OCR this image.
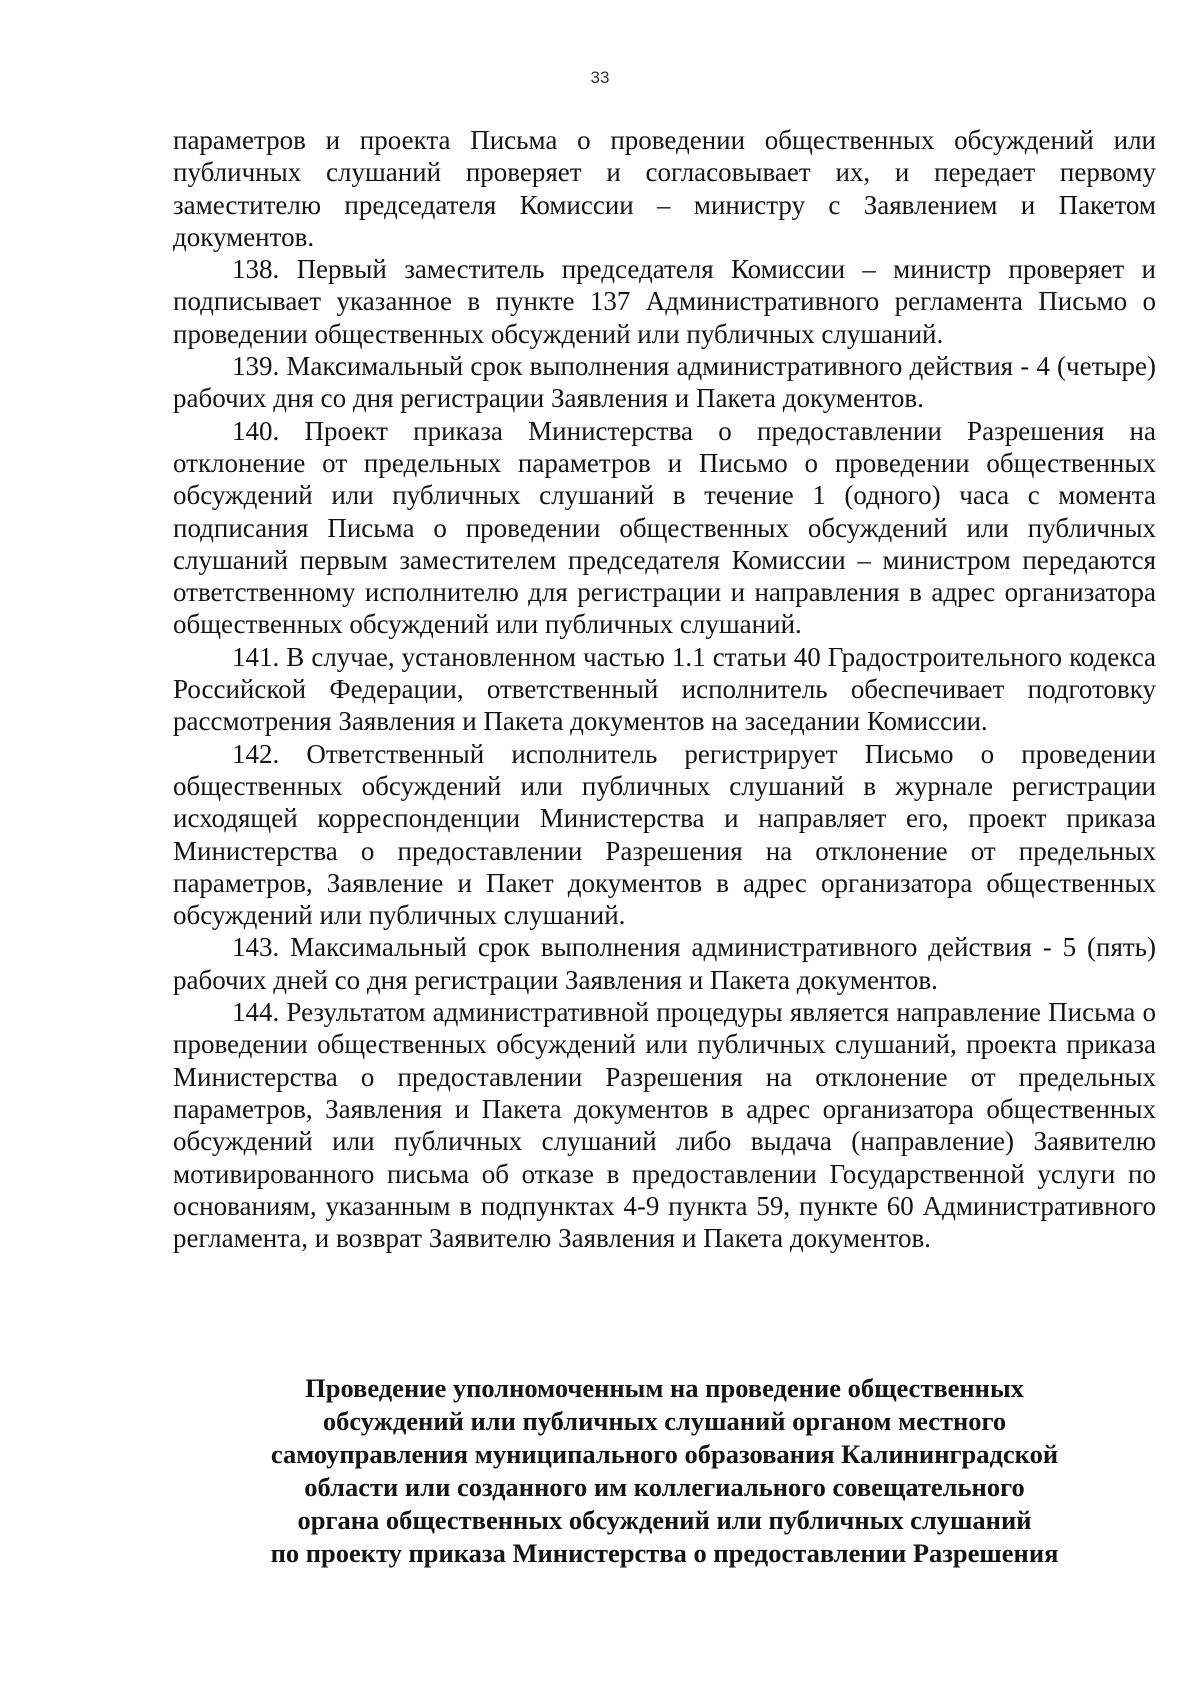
33

параметров и проекта Письма о проведении общественных обсуждений или публичных слушаний проверяет и согласовывает их, и передает первому заместителю председателя Комиссии – министру с Заявлением и Пакетом документов.

138. Первый заместитель председателя Комиссии – министр проверяет и подписывает указанное в пункте 137 Административного регламента Письмо о проведении общественных обсуждений или публичных слушаний.

139. Максимальный срок выполнения административного действия - 4 (четыре) рабочих дня со дня регистрации Заявления и Пакета документов.

140. Проект приказа Министерства о предоставлении Разрешения на отклонение от предельных параметров и Письмо о проведении общественных обсуждений или публичных слушаний в течение 1 (одного) часа с момента подписания Письма о проведении общественных обсуждений или публичных слушаний первым заместителем председателя Комиссии – министром передаются ответственному исполнителю для регистрации и направления в адрес организатора общественных обсуждений или публичных слушаний.

141. В случае, установленном частью 1.1 статьи 40 Градостроительного кодекса Российской Федерации, ответственный исполнитель обеспечивает подготовку рассмотрения Заявления и Пакета документов на заседании Комиссии.

142. Ответственный исполнитель регистрирует Письмо о проведении общественных обсуждений или публичных слушаний в журнале регистрации исходящей корреспонденции Министерства и направляет его, проект приказа Министерства о предоставлении Разрешения на отклонение от предельных параметров, Заявление и Пакет документов в адрес организатора общественных обсуждений или публичных слушаний.

143. Максимальный срок выполнения административного действия - 5 (пять) рабочих дней со дня регистрации Заявления и Пакета документов.

144. Результатом административной процедуры является направление Письма о проведении общественных обсуждений или публичных слушаний, проекта приказа Министерства о предоставлении Разрешения на отклонение от предельных параметров, Заявления и Пакета документов в адрес организатора общественных обсуждений или публичных слушаний либо выдача (направление) Заявителю мотивированного письма об отказе в предоставлении Государственной услуги по основаниям, указанным в подпунктах 4-9 пункта 59, пункте 60 Административного регламента, и возврат Заявителю Заявления и Пакета документов.

Проведение уполномоченным на проведение общественных
обсуждений или публичных слушаний органом местного
самоуправления муниципального образования Калининградской
области или созданного им коллегиального совещательного
органа общественных обсуждений или публичных слушаний
по проекту приказа Министерства о предоставлении Разрешения
